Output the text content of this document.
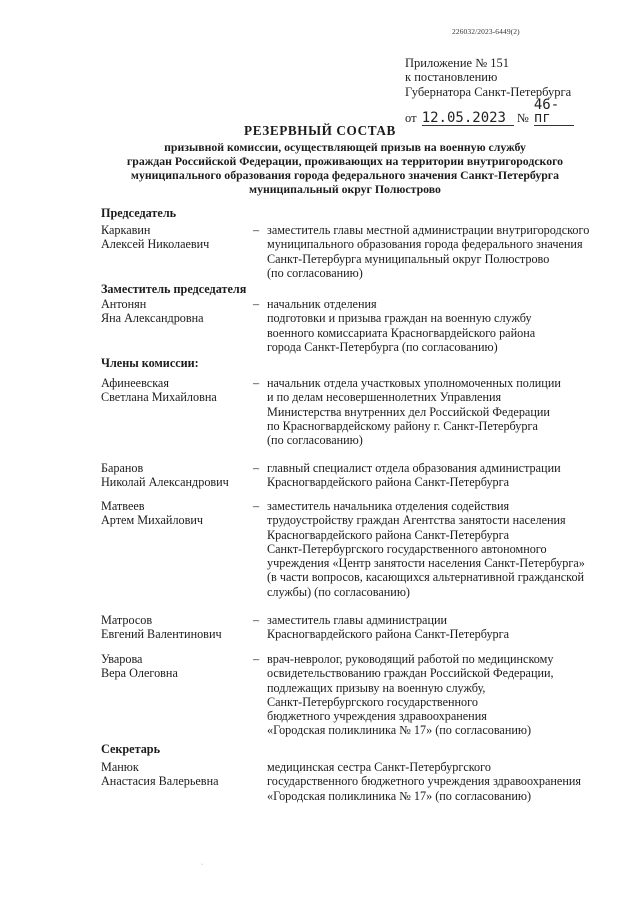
226032/2023-6449(2)
Приложение № 151
к постановлению
Губернатора Санкт-Петербурга
от 12.05.2023 № 46-пг
РЕЗЕРВНЫЙ СОСТАВ
призывной комиссии, осуществляющей призыв на военную службу
граждан Российской Федерации, проживающих на территории внутригородского
муниципального образования города федерального значения Санкт-Петербурга
муниципальный округ Полюстрово
Председатель
Каркавин
Алексей Николаевич
– заместитель главы местной администрации внутригородского
муниципального образования города федерального значения
Санкт-Петербурга муниципальный округ Полюстрово
(по согласованию)
Заместитель председателя
Антонян
Яна Александровна
– начальник отделения
подготовки и призыва граждан на военную службу
военного комиссариата Красногвардейского района
города Санкт-Петербурга (по согласованию)
Члены комиссии:
Афинеевская
Светлана Михайловна
– начальник отдела участковых уполномоченных полиции
и по делам несовершеннолетних Управления
Министерства внутренних дел Российской Федерации
по Красногвардейскому району г. Санкт-Петербурга
(по согласованию)
Баранов
Николай Александрович
– главный специалист отдела образования администрации
Красногвардейского района Санкт-Петербурга
Матвеев
Артем Михайлович
– заместитель начальника отделения содействия
трудоустройству граждан Агентства занятости населения
Красногвардейского района Санкт-Петербурга
Санкт-Петербургского государственного автономного
учреждения «Центр занятости населения Санкт-Петербурга»
(в части вопросов, касающихся альтернативной гражданской
службы) (по согласованию)
Матросов
Евгений Валентинович
– заместитель главы администрации
Красногвардейского района Санкт-Петербурга
Уварова
Вера Олеговна
– врач-невролог, руководящий работой по медицинскому
освидетельствованию граждан Российской Федерации,
подлежащих призыву на военную службу,
Санкт-Петербургского государственного
бюджетного учреждения здравоохранения
«Городская поликлиника № 17» (по согласованию)
Секретарь
Манюк
Анастасия Валерьевна
медицинская сестра Санкт-Петербургского
государственного бюджетного учреждения здравоохранения
«Городская поликлиника № 17» (по согласованию)
·
